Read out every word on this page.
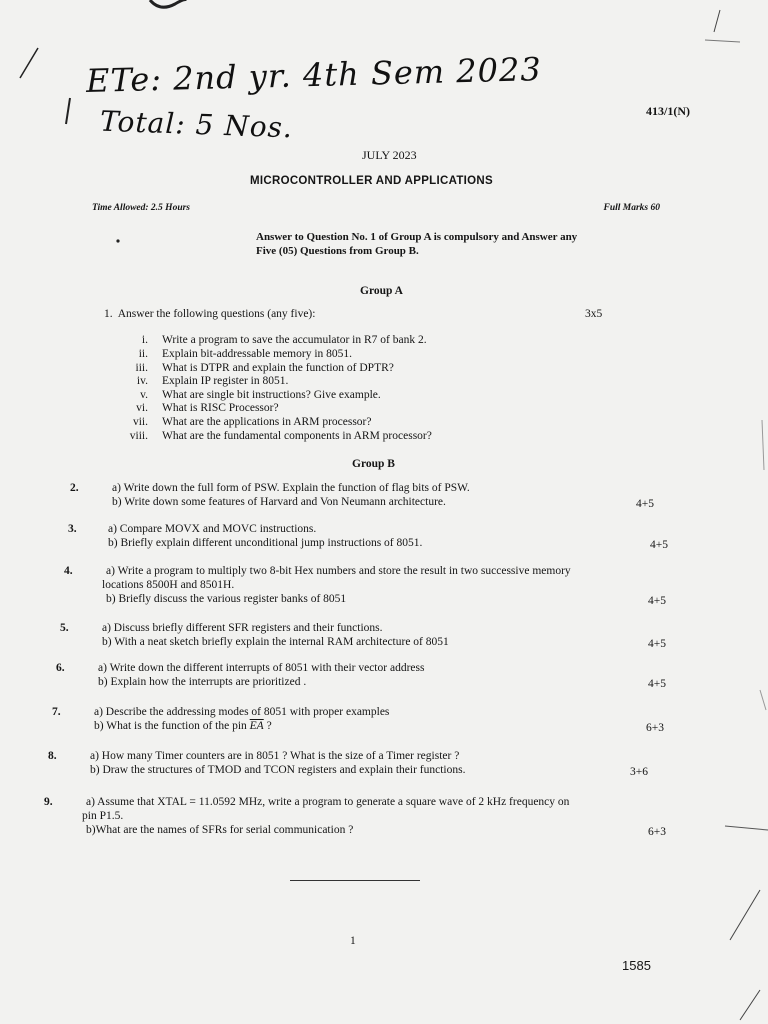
ETe: 2nd yr. 4th Sem 2023
Total: 5 Nos.	413/1(N)
JULY 2023
MICROCONTROLLER AND APPLICATIONS
Time Allowed: 2.5 Hours	Full Marks 60
Answer to Question No. 1 of Group A is compulsory and Answer any Five (05) Questions from Group B.
Group A
1. Answer the following questions (any five):	3x5
i. Write a program to save the accumulator in R7 of bank 2.
ii. Explain bit-addressable memory in 8051.
iii. What is DTPR and explain the function of DPTR?
iv. Explain IP register in 8051.
v. What are single bit instructions? Give example.
vi. What is RISC Processor?
vii. What are the applications in ARM processor?
viii. What are the fundamental components in ARM processor?
Group B
2.	a) Write down the full form of PSW. Explain the function of flag bits of PSW.
b) Write down some features of Harvard and Von Neumann architecture.	4+5
3.	a) Compare MOVX and MOVC instructions.
b) Briefly explain different unconditional jump instructions of 8051.	4+5
4.	a) Write a program to multiply two 8-bit Hex numbers and store the result in two successive memory
locations 8500H and 8501H.
b) Briefly discuss the various register banks of 8051	4+5
5.	a) Discuss briefly different SFR registers and their functions.
b) With a neat sketch briefly explain the internal RAM architecture of 8051	4+5
6.	a) Write down the different interrupts of 8051 with their vector address
b) Explain how the interrupts are prioritized .	4+5
7.	a) Describe the addressing modes of 8051 with proper examples
b) What is the function of the pin $\overline{EA}$ ?	6+3
8.	a) How many Timer counters are in 8051 ? What is the size of a Timer register ?
b) Draw the structures of TMOD and TCON registers and explain their functions.	3+6
9.	a) Assume that XTAL = 11.0592 MHz, write a program to generate a square wave of 2 kHz frequency on
pin P1.5.
b)What are the names of SFRs for serial communication ?	6+3
1
1585
